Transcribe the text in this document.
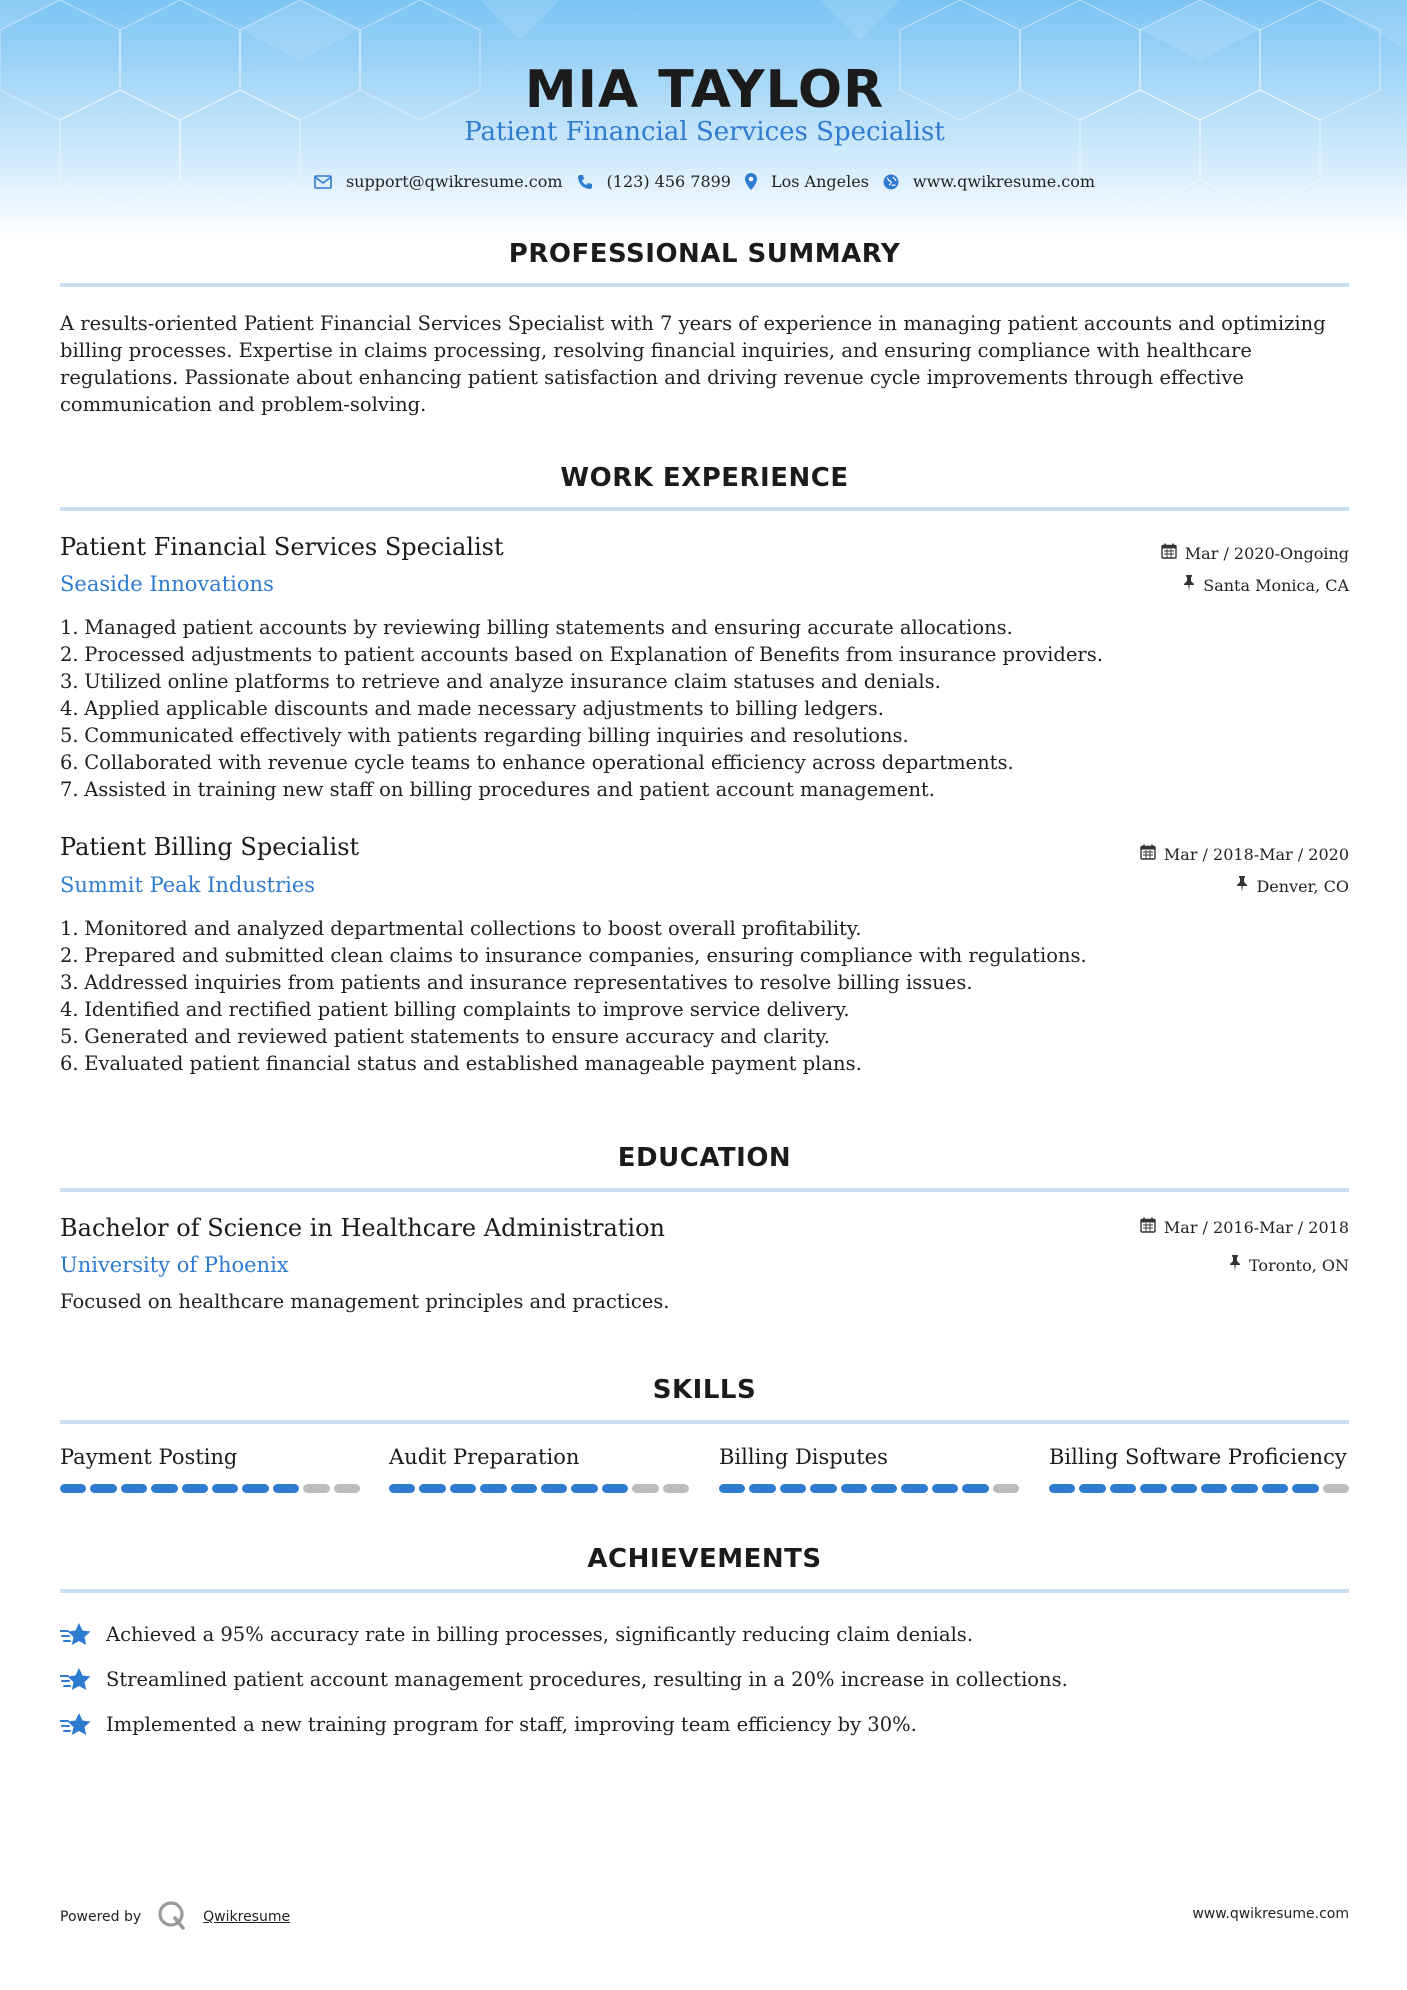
MIA TAYLOR
Patient Financial Services Specialist
support@qwikresume.com	(123) 456 7899	Los Angeles	www.qwikresume.com
PROFESSIONAL SUMMARY

A results-oriented Patient Financial Services Specialist with 7 years of experience in managing patient accounts and optimizing billing processes. Expertise in claims processing, resolving financial inquiries, and ensuring compliance with healthcare regulations. Passionate about enhancing patient satisfaction and driving revenue cycle improvements through effective communication and problem-solving.

WORK EXPERIENCE
Patient Financial Services Specialist
Seaside Innovations
Mar / 2020-Ongoing
Santa Monica, CA
1.
Managed patient accounts by reviewing billing statements and ensuring accurate allocations.
2.
Processed adjustments to patient accounts based on Explanation of Benefits from insurance providers.
3.
Utilized online platforms to retrieve and analyze insurance claim statuses and denials.
4.
Applied applicable discounts and made necessary adjustments to billing ledgers.
5.
Communicated effectively with patients regarding billing inquiries and resolutions.
6.
Collaborated with revenue cycle teams to enhance operational efficiency across departments.
7.
Assisted in training new staff on billing procedures and patient account management.
Patient Billing Specialist
Summit Peak Industries
Mar / 2018-Mar / 2020
Denver, CO
1.
Monitored and analyzed departmental collections to boost overall profitability.
2.
Prepared and submitted clean claims to insurance companies, ensuring compliance with regulations.
3.
Addressed inquiries from patients and insurance representatives to resolve billing issues.
4.
Identified and rectified patient billing complaints to improve service delivery.
5.
Generated and reviewed patient statements to ensure accuracy and clarity.
6.
Evaluated patient financial status and established manageable payment plans.
EDUCATION
Bachelor of Science in Healthcare Administration
University of Phoenix
Mar / 2016-Mar / 2018
Toronto, ON
Focused on healthcare management principles and practices.
SKILLS
Payment Posting	Audit Preparation	Billing Disputes	Billing Software Proficiency
ACHIEVEMENTS
Achieved a 95% accuracy rate in billing processes, significantly reducing claim denials.
Streamlined patient account management procedures, resulting in a 20% increase in collections.
Implemented a new training program for staff, improving team efficiency by 30%.
Powered by	Qwikresume	www.qwikresume.com
